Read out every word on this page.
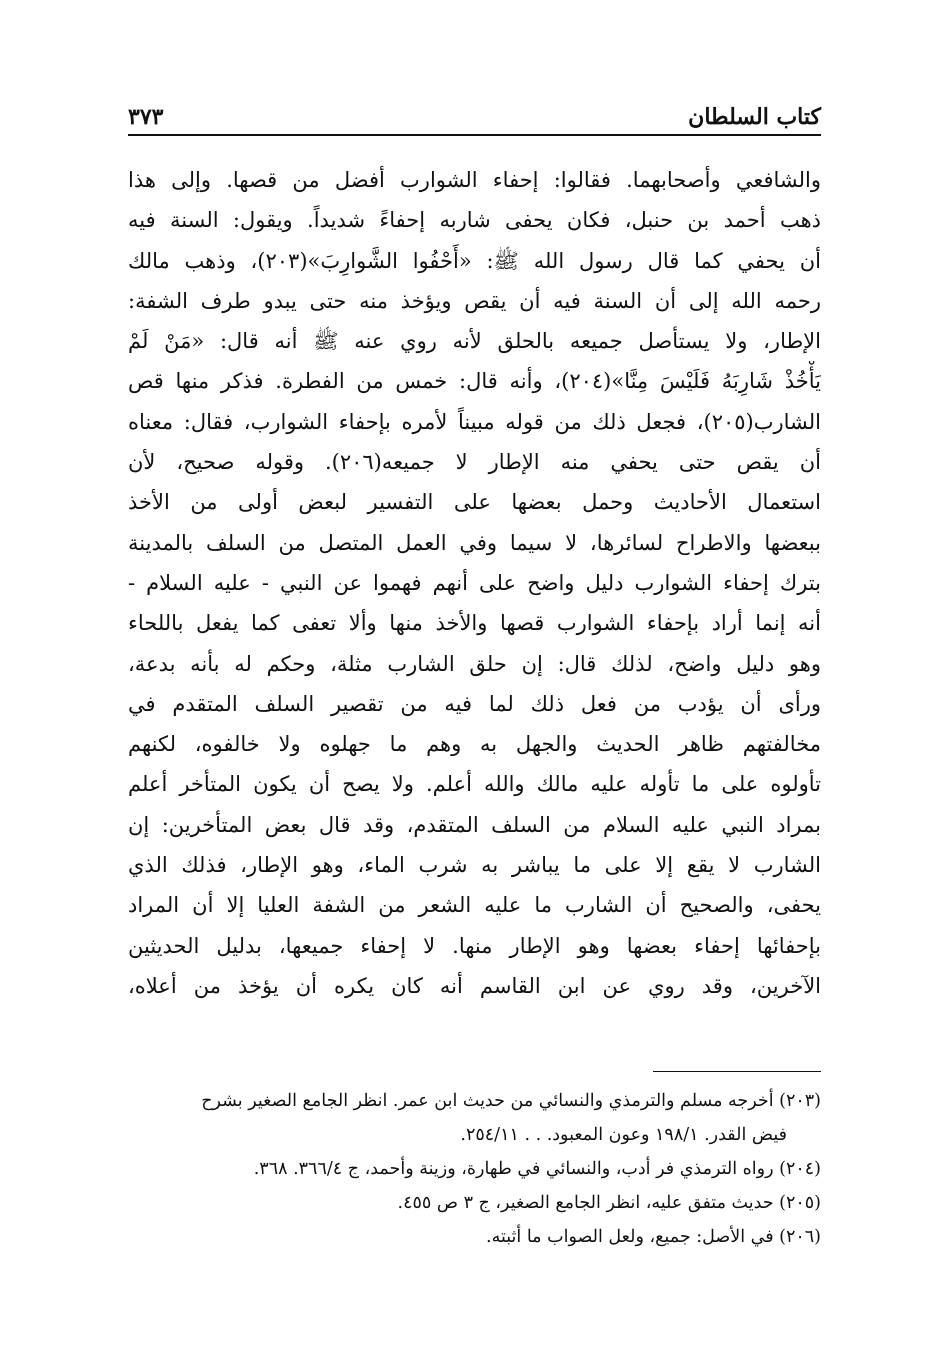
كتاب السلطان
٣٧٣
والشافعي وأصحابهما. فقالوا: إحفاء الشوارب أفضل من قصها. وإلى هذا
ذهب أحمد بن حنبل، فكان يحفى شاربه إحفاءً شديداً. ويقول: السنة فيه
أن يحفي كما قال رسول الله ﷺ: «أَحْفُوا الشَّوارِبَ»(٢٠٣)، وذهب مالك
رحمه الله إلى أن السنة فيه أن يقص ويؤخذ منه حتى يبدو طرف الشفة:
الإطار، ولا يستأصل جميعه بالحلق لأنه روي عنه ﷺ أنه قال: «مَنْ لَمْ
يَأْخُذْ شَارِبَهُ فَلَيْسَ مِنَّا»(٢٠٤)، وأنه قال: خمس من الفطرة. فذكر منها قص
الشارب(٢٠٥)، فجعل ذلك من قوله مبيناً لأمره بإحفاء الشوارب، فقال: معناه
أن يقص حتى يحفي منه الإطار لا جميعه(٢٠٦). وقوله صحيح، لأن
استعمال الأحاديث وحمل بعضها على التفسير لبعض أولى من الأخذ
ببعضها والاطراح لسائرها، لا سيما وفي العمل المتصل من السلف بالمدينة
بترك إحفاء الشوارب دليل واضح على أنهم فهموا عن النبي - عليه السلام -
أنه إنما أراد بإحفاء الشوارب قصها والأخذ منها وألا تعفى كما يفعل باللحاء
وهو دليل واضح، لذلك قال: إن حلق الشارب مثلة، وحكم له بأنه بدعة،
ورأى أن يؤدب من فعل ذلك لما فيه من تقصير السلف المتقدم في
مخالفتهم ظاهر الحديث والجهل به وهم ما جهلوه ولا خالفوه، لكنهم
تأولوه على ما تأوله عليه مالك والله أعلم. ولا يصح أن يكون المتأخر أعلم
بمراد النبي عليه السلام من السلف المتقدم، وقد قال بعض المتأخرين: إن
الشارب لا يقع إلا على ما يباشر به شرب الماء، وهو الإطار، فذلك الذي
يحفى، والصحيح أن الشارب ما عليه الشعر من الشفة العليا إلا أن المراد
بإحفائها إحفاء بعضها وهو الإطار منها. لا إحفاء جميعها، بدليل الحديثين
الآخرين، وقد روي عن ابن القاسم أنه كان يكره أن يؤخذ من أعلاه،
(٢٠٣) أخرجه مسلم والترمذي والنسائي من حديث ابن عمر. انظر الجامع الصغير بشرح
فيض القدر. ١٩٨/١ وعون المعبود. . . ٢٥٤/١١.
(٢٠٤) رواه الترمذي فر أدب، والنسائي في طهارة، وزينة وأحمد، ج ٣٦٦/٤. ٣٦٨.
(٢٠٥) حديث متفق عليه، انظر الجامع الصغير، ج ٣ ص ٤٥٥.
(٢٠٦) في الأصل: جميع، ولعل الصواب ما أثبته.
